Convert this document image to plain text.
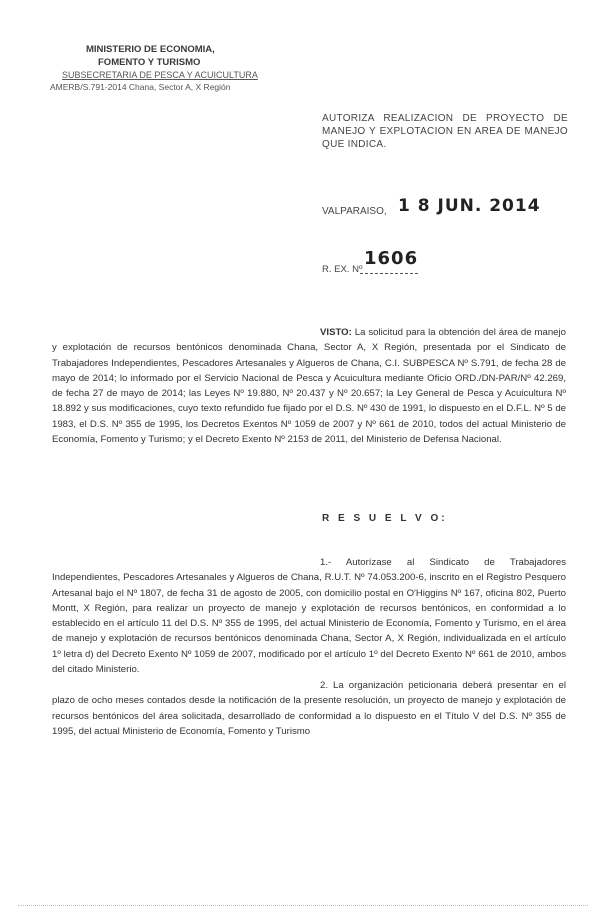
MINISTERIO DE ECONOMIA,
FOMENTO Y TURISMO
SUBSECRETARIA DE PESCA Y ACUICULTURA
AMERB/S.791-2014 Chana, Sector A, X Región
AUTORIZA REALIZACION DE PROYECTO DE MANEJO Y EXPLOTACION EN AREA DE MANEJO QUE INDICA.
VALPARAISO, 1 8 JUN. 2014
1606
R. EX. Nº
VISTO: La solicitud para la obtención del área de manejo y explotación de recursos bentónicos denominada Chana, Sector A, X Región, presentada por el Sindicato de Trabajadores Independientes, Pescadores Artesanales y Algueros de Chana, C.I. SUBPESCA Nº S.791, de fecha 28 de mayo de 2014; lo informado por el Servicio Nacional de Pesca y Acuicultura mediante Oficio ORD./DN-PAR/Nº 42.269, de fecha 27 de mayo de 2014; las Leyes Nº 19.880, Nº 20.437 y Nº 20.657; la Ley General de Pesca y Acuicultura Nº 18.892 y sus modificaciones, cuyo texto refundido fue fijado por el D.S. Nº 430 de 1991, lo dispuesto en el D.F.L. Nº 5 de 1983, el D.S. Nº 355 de 1995, los Decretos Exentos Nº 1059 de 2007 y Nº 661 de 2010, todos del actual Ministerio de Economía, Fomento y Turismo; y el Decreto Exento Nº 2153 de 2011, del Ministerio de Defensa Nacional.
R E S U E L V O:
1.- Autorízase al Sindicato de Trabajadores Independientes, Pescadores Artesanales y Algueros de Chana, R.U.T. Nº 74.053.200-6, inscrito en el Registro Pesquero Artesanal bajo el Nº 1807, de fecha 31 de agosto de 2005, con domicilio postal en O'Higgins Nº 167, oficina 802, Puerto Montt, X Región, para realizar un proyecto de manejo y explotación de recursos bentónicos, en conformidad a lo establecido en el artículo 11 del D.S. Nº 355 de 1995, del actual Ministerio de Economía, Fomento y Turismo, en el área de manejo y explotación de recursos bentónicos denominada Chana, Sector A, X Región, individualizada en el artículo 1º letra d) del Decreto Exento Nº 1059 de 2007, modificado por el artículo 1º del Decreto Exento Nº 661 de 2010, ambos del citado Ministerio.
2. La organización peticionaria deberá presentar en el plazo de ocho meses contados desde la notificación de la presente resolución, un proyecto de manejo y explotación de recursos bentónicos del área solicitada, desarrollado de conformidad a lo dispuesto en el Título V del D.S. Nº 355 de 1995, del actual Ministerio de Economía, Fomento y Turismo
